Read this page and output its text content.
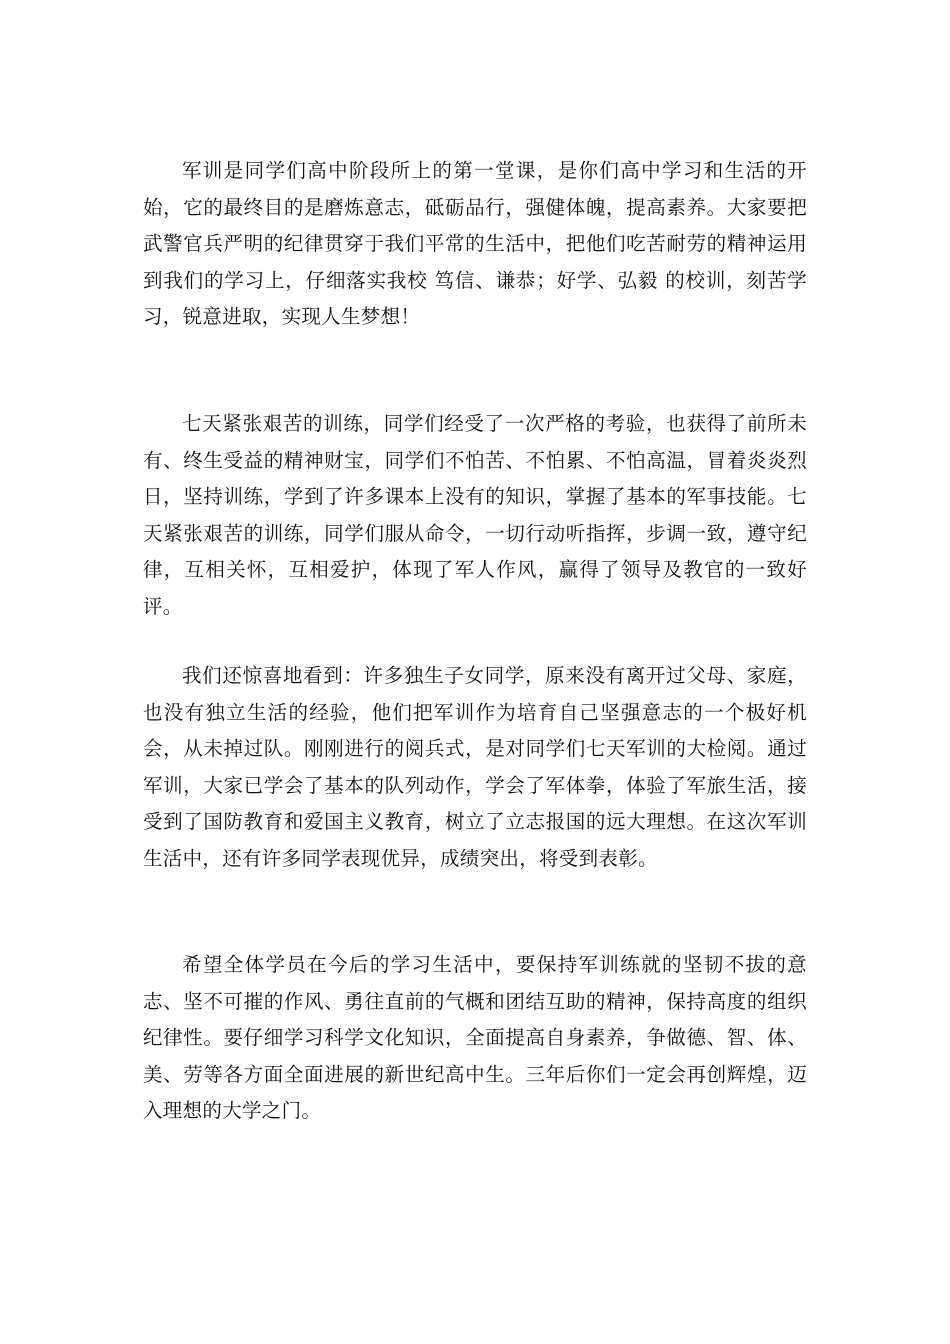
军训是同学们高中阶段所上的第一堂课，是你们高中学习和生活的开始，它的最终目的是磨炼意志，砥砺品行，强健体魄，提高素养。大家要把武警官兵严明的纪律贯穿于我们平常的生活中，把他们吃苦耐劳的精神运用到我们的学习上，仔细落实我校 笃信、谦恭；好学、弘毅 的校训，刻苦学习，锐意进取，实现人生梦想！

七天紧张艰苦的训练，同学们经受了一次严格的考验，也获得了前所未有、终生受益的精神财宝，同学们不怕苦、不怕累、不怕高温，冒着炎炎烈日，坚持训练，学到了许多课本上没有的知识，掌握了基本的军事技能。七天紧张艰苦的训练，同学们服从命令，一切行动听指挥，步调一致，遵守纪律，互相关怀，互相爱护，体现了军人作风，赢得了领导及教官的一致好评。

我们还惊喜地看到：许多独生子女同学，原来没有离开过父母、家庭，也没有独立生活的经验，他们把军训作为培育自己坚强意志的一个极好机会，从未掉过队。刚刚进行的阅兵式，是对同学们七天军训的大检阅。通过军训，大家已学会了基本的队列动作，学会了军体拳，体验了军旅生活，接受到了国防教育和爱国主义教育，树立了立志报国的远大理想。在这次军训生活中，还有许多同学表现优异，成绩突出，将受到表彰。

希望全体学员在今后的学习生活中，要保持军训练就的坚韧不拔的意志、坚不可摧的作风、勇往直前的气概和团结互助的精神，保持高度的组织纪律性。要仔细学习科学文化知识，全面提高自身素养，争做德、智、体、美、劳等各方面全面进展的新世纪高中生。三年后你们一定会再创辉煌，迈入理想的大学之门。
